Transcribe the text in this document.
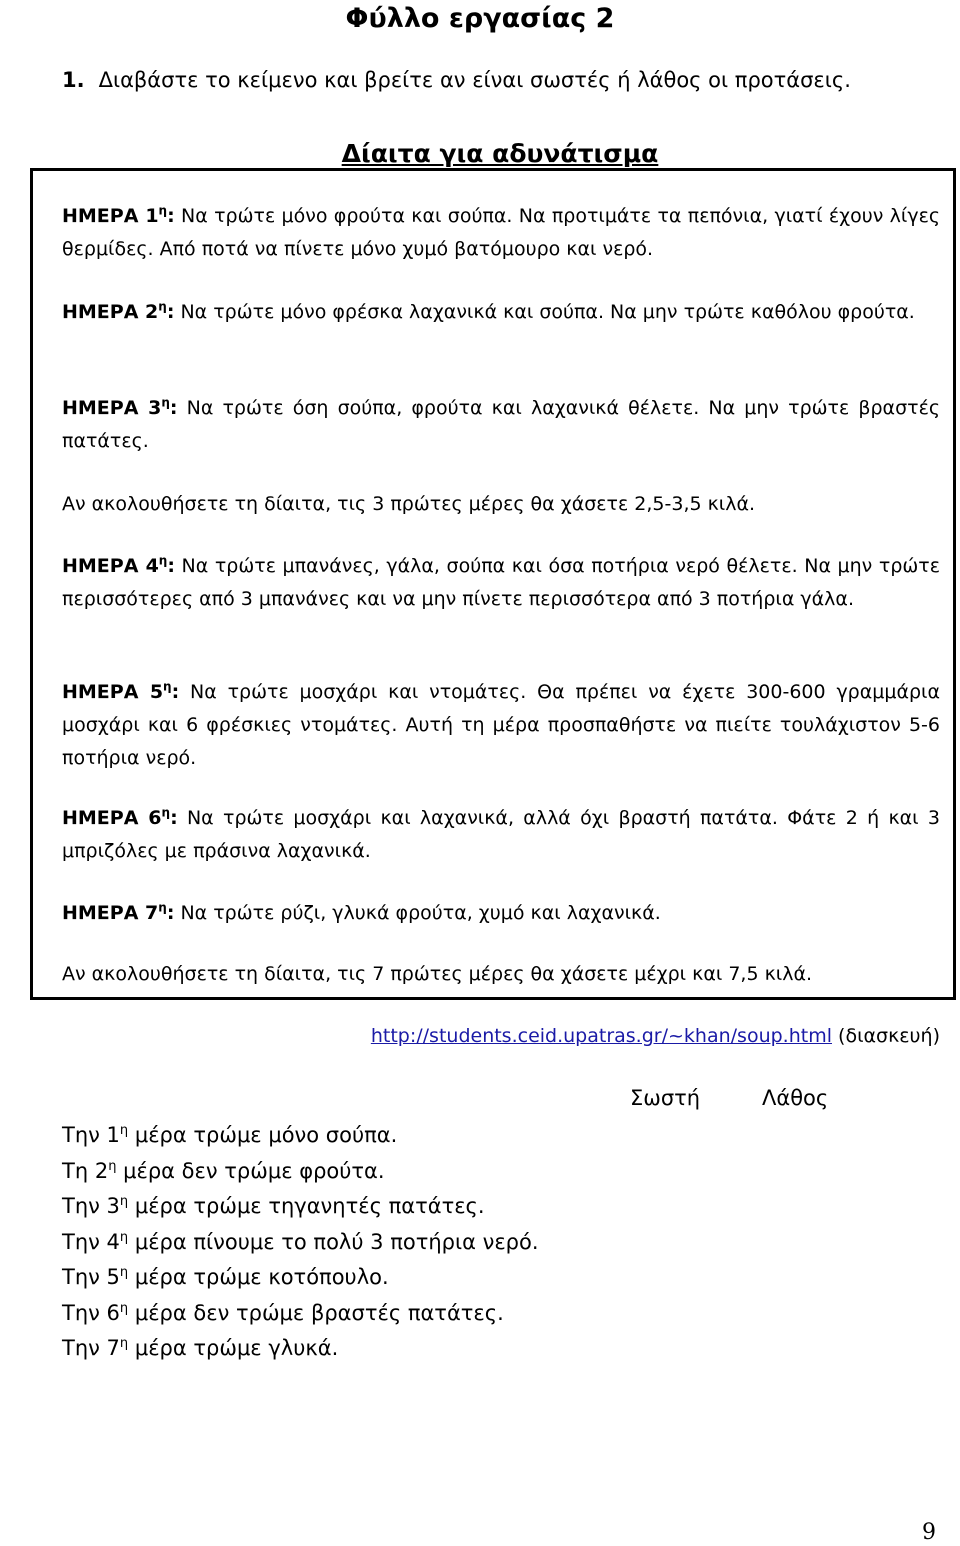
Φύλλο εργασίας 2
1. Διαβάστε το κείμενο και βρείτε αν είναι σωστές ή λάθος οι προτάσεις.
Δίαιτα για αδυνάτισμα
ΗΜΕΡΑ $1^\eta$: Να τρώτε μόνο φρούτα και σούπα. Να προτιμάτε τα πεπόνια, γιατί έχουν λίγες θερμίδες. Από ποτά να πίνετε μόνο χυμό βατόμουρο και νερό.
ΗΜΕΡΑ $2^\eta$: Να τρώτε μόνο φρέσκα λαχανικά και σούπα. Να μην τρώτε καθόλου φρούτα.
ΗΜΕΡΑ $3^\eta$: Να τρώτε όση σούπα, φρούτα και λαχανικά θέλετε. Να μην τρώτε βραστές πατάτες.
Αν ακολουθήσετε τη δίαιτα, τις 3 πρώτες μέρες θα χάσετε 2,5-3,5 κιλά.
ΗΜΕΡΑ $4^\eta$: Να τρώτε μπανάνες, γάλα, σούπα και όσα ποτήρια νερό θέλετε. Να μην τρώτε περισσότερες από 3 μπανάνες και να μην πίνετε περισσότερα από 3 ποτήρια γάλα.
ΗΜΕΡΑ $5^\eta$: Να τρώτε μοσχάρι και ντομάτες. Θα πρέπει να έχετε 300-600 γραμμάρια μοσχάρι και 6 φρέσκιες ντομάτες. Αυτή τη μέρα προσπαθήστε να πιείτε τουλάχιστον 5-6 ποτήρια νερό.
ΗΜΕΡΑ $6^\eta$: Να τρώτε μοσχάρι και λαχανικά, αλλά όχι βραστή πατάτα. Φάτε 2 ή και 3 μπριζόλες με πράσινα λαχανικά.
ΗΜΕΡΑ $7^\eta$: Να τρώτε ρύζι, γλυκά φρούτα, χυμό και λαχανικά.
Αν ακολουθήσετε τη δίαιτα, τις 7 πρώτες μέρες θα χάσετε μέχρι και 7,5 κιλά.
http://students.ceid.upatras.gr/~khan/soup.html (διασκευή)
Σωστή	Λάθος
Την $1^\eta$ μέρα τρώμε μόνο σούπα.
Τη $2^\eta$ μέρα δεν τρώμε φρούτα.
Την $3^\eta$ μέρα τρώμε τηγανητές πατάτες.
Την $4^\eta$ μέρα πίνουμε το πολύ 3 ποτήρια νερό.
Την $5^\eta$ μέρα τρώμε κοτόπουλο.
Την $6^\eta$ μέρα δεν τρώμε βραστές πατάτες.
Την $7^\eta$ μέρα τρώμε γλυκά.
9
